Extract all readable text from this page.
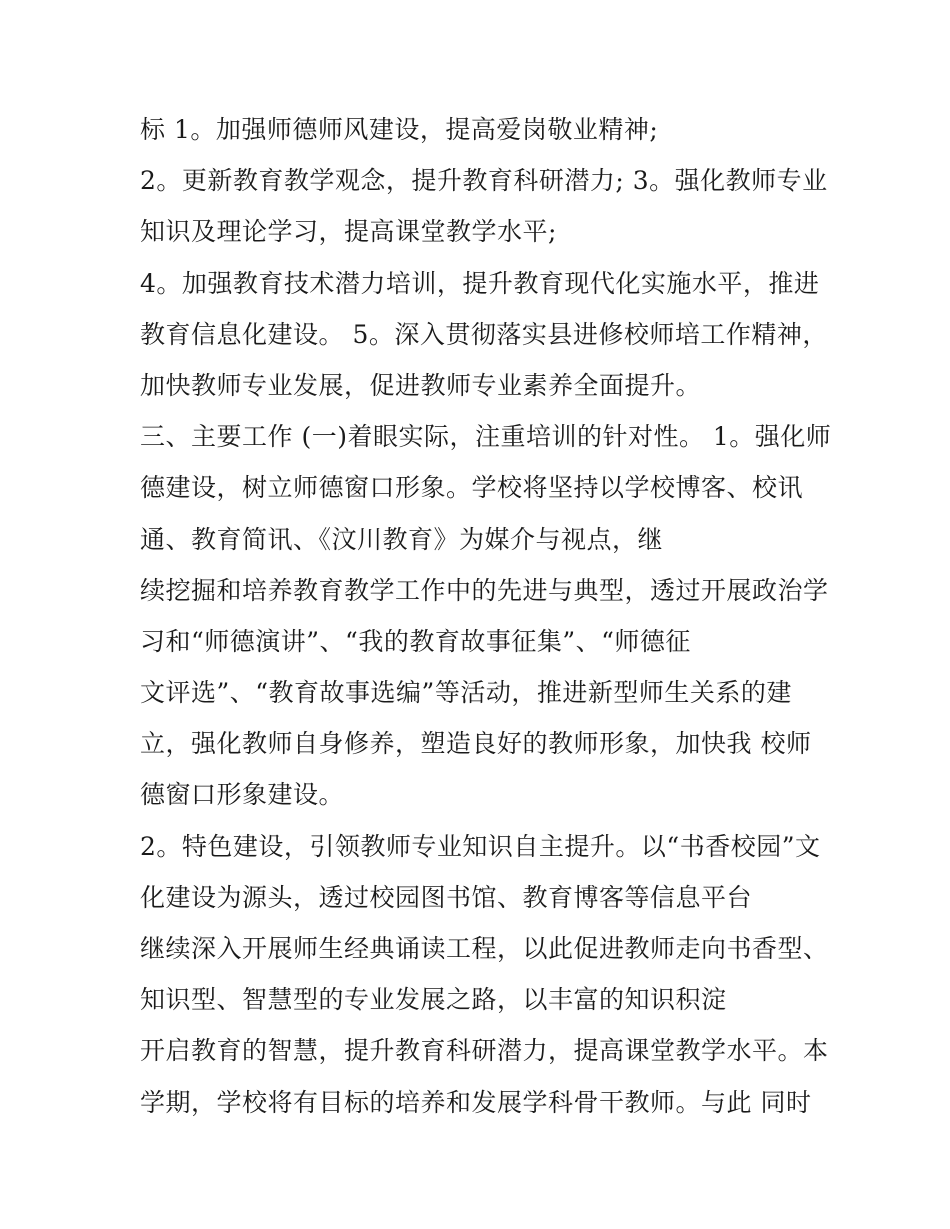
标 1。加强师德师风建设，提高爱岗敬业精神;
2。更新教育教学观念，提升教育科研潜力; 3。强化教师专业
知识及理论学习，提高课堂教学水平;
4。加强教育技术潜力培训，提升教育现代化实施水平，推进
教育信息化建设。 5。深入贯彻落实县进修校师培工作精神，
加快教师专业发展，促进教师专业素养全面提升。
三、主要工作 (一)着眼实际，注重培训的针对性。 1。强化师
德建设，树立师德窗口形象。学校将坚持以学校博客、校讯
通、教育简讯、《汶川教育》为媒介与视点，继
续挖掘和培养教育教学工作中的先进与典型，透过开展政治学
习和“师德演讲”、“我的教育故事征集”、“师德征
文评选”、“教育故事选编”等活动，推进新型师生关系的建
立，强化教师自身修养，塑造良好的教师形象，加快我 校师
德窗口形象建设。
2。特色建设，引领教师专业知识自主提升。以“书香校园”文
化建设为源头，透过校园图书馆、教育博客等信息平台
继续深入开展师生经典诵读工程，以此促进教师走向书香型、
知识型、智慧型的专业发展之路，以丰富的知识积淀
开启教育的智慧，提升教育科研潜力，提高课堂教学水平。本
学期，学校将有目标的培养和发展学科骨干教师。与此 同时
